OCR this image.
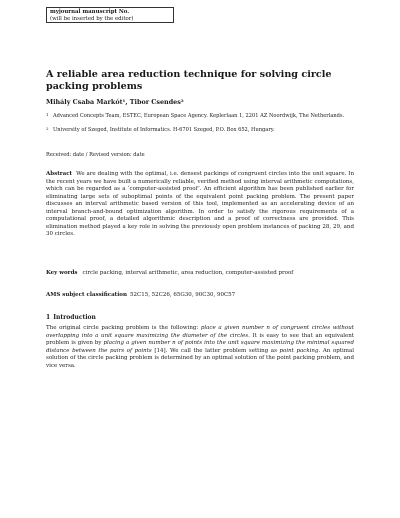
myjournal manuscript No.
(will be inserted by the editor)
A reliable area reduction technique for solving circle packing problems
Mihály Csaba Markót¹, Tibor Csendes²
1 Advanced Concepts Team, ESTEC, European Space Agency. Keplerlaan 1, 2201 AZ Noordwijk, The Netherlands.
2 University of Szeged, Institute of Informatics. H-6701 Szeged, P.O. Box 652, Hungary.
Received: date / Revised version: date

Abstract We are dealing with the optimal, i.e. densest packings of congruent circles into the unit square. In the recent years we have built a numerically reliable, verified method using interval arithmetic computations, which can be regarded as a ‘computer-assisted proof’. An efficient algorithm has been published earlier for eliminating large sets of suboptimal points of the equivalent point packing problem. The present paper discusses an interval arithmetic based version of this tool, implemented as an accelerating device of an interval branch-and-bound optimization algorithm. In order to satisfy the rigorous requirements of a computational proof, a detailed algorithmic description and a proof of correctness are provided. This elimination method played a key role in solving the previously open problem instances of packing 28, 29, and 30 circles.

Key words circle packing, interval arithmetic, area reduction, computer-assisted proof

AMS subject classification 52C15, 52C26, 65G30, 90C30, 90C57

1 Introduction

The original circle packing problem is the following: place a given number n of congruent circles without overlapping into a unit square maximizing the diameter of the circles. It is easy to see that an equivalent problem is given by placing a given number n of points into the unit square maximizing the minimal squared distance between the pairs of points [14]. We call the latter problem setting as point packing. An optimal solution of the circle packing problem is determined by an optimal solution of the point packing problem, and vice versa.
